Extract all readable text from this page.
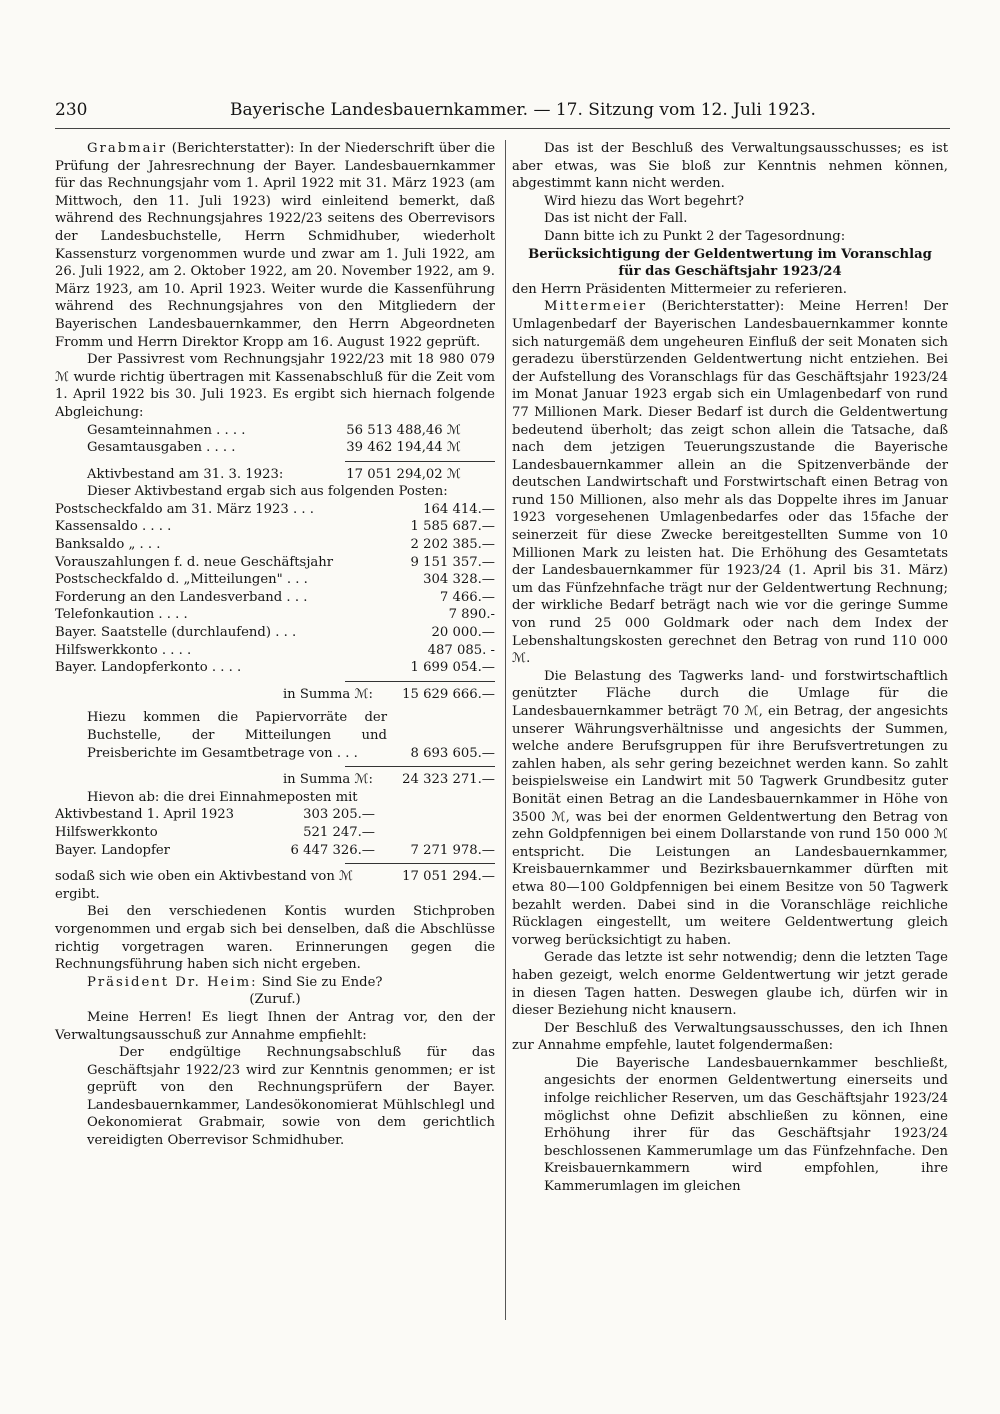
230	Bayerische Landesbauernkammer. — 17. Sitzung vom 12. Juli 1923.

Grabmair (Berichterstatter): In der Niederschrift über die Prüfung der Jahresrechnung der Bayer. Landesbauernkammer für das Rechnungsjahr vom 1. April 1922 mit 31. März 1923 (am Mittwoch, den 11. Juli 1923) wird einleitend bemerkt, daß während des Rechnungsjahres 1922/23 seitens des Oberrevisors der Landesbuchstelle, Herrn Schmidhuber, wiederholt Kassensturz vorgenommen wurde und zwar am 1. Juli 1922, am 26. Juli 1922, am 2. Oktober 1922, am 20. November 1922, am 9. März 1923, am 10. April 1923. Weiter wurde die Kassenführung während des Rechnungsjahres von den Mitgliedern der Bayerischen Landesbauernkammer, den Herrn Abgeordneten Fromm und Herrn Direktor Kropp am 16. August 1922 geprüft.

Der Passivrest vom Rechnungsjahr 1922/23 mit 18 980 079 ℳ wurde richtig übertragen mit Kassenabschluß für die Zeit vom 1. April 1922 bis 30. Juli 1923. Es ergibt sich hiernach folgende Abgleichung:

Gesamteinnahmen . . . .	56 513 488,46 ℳ
Gesamtausgaben . . . .	39 462 194,44 ℳ
Aktivbestand am 31. 3. 1923:	17 051 294,02 ℳ

Dieser Aktivbestand ergab sich aus folgenden Posten:

Postscheckfaldo am 31. März 1923 . . .	164 414.—
Kassensaldo . . . .	1 585 687.—
Banksaldo „ . . .	2 202 385.—
Vorauszahlungen f. d. neue Geschäftsjahr	9 151 357.—
Postscheckfaldo d. „Mitteilungen" . . .	304 328.—
Forderung an den Landesverband . . .	7 466.—
Telefonkaution . . . .	7 890.-
Bayer. Saatstelle (durchlaufend) . . .	20 000.—
Hilfswerkkonto . . . .	487 085. -
Bayer. Landopferkonto . . . .	1 699 054.—
in Summa ℳ:	15 629 666.—
Hiezu kommen die Papiervorräte der Buchstelle, der Mitteilungen und Preisberichte im Gesamtbetrage von . . .	8 693 605.—
in Summa ℳ:	24 323 271.—

Hievon ab: die drei Einnahmeposten mit

Aktivbestand 1. April 1923	303 205.—	
Hilfswerkkonto	521 247.—	
Bayer. Landopfer	6 447 326.—	7 271 978.—
sodaß sich wie oben ein Aktivbestand von ℳ	17 051 294.—

ergibt.

Bei den verschiedenen Kontis wurden Stichproben vorgenommen und ergab sich bei denselben, daß die Abschlüsse richtig vorgetragen waren. Erinnerungen gegen die Rechnungsführung haben sich nicht ergeben.

Präsident Dr. Heim: Sind Sie zu Ende?

(Zuruf.)

Meine Herren! Es liegt Ihnen der Antrag vor, den der Verwaltungsausschuß zur Annahme empfiehlt:

Der endgültige Rechnungsabschluß für das Geschäftsjahr 1922/23 wird zur Kenntnis genommen; er ist geprüft von den Rechnungsprüfern der Bayer. Landesbauernkammer, Landesökonomierat Mühlschlegl und Oekonomierat Grabmair, sowie von dem gerichtlich vereidigten Oberrevisor Schmidhuber.

Das ist der Beschluß des Verwaltungsausschusses; es ist aber etwas, was Sie bloß zur Kenntnis nehmen können, abgestimmt kann nicht werden.

Wird hiezu das Wort begehrt?

Das ist nicht der Fall.

Dann bitte ich zu Punkt 2 der Tagesordnung:

Berücksichtigung der Geldentwertung im Voranschlag

für das Geschäftsjahr 1923/24

den Herrn Präsidenten Mittermeier zu referieren.

Mittermeier (Berichterstatter): Meine Herren! Der Umlagenbedarf der Bayerischen Landesbauernkammer konnte sich naturgemäß dem ungeheuren Einfluß der seit Monaten sich geradezu überstürzenden Geldentwertung nicht entziehen. Bei der Aufstellung des Voranschlags für das Geschäftsjahr 1923/24 im Monat Januar 1923 ergab sich ein Umlagenbedarf von rund 77 Millionen Mark. Dieser Bedarf ist durch die Geldentwertung bedeutend überholt; das zeigt schon allein die Tatsache, daß nach dem jetzigen Teuerungszustande die Bayerische Landesbauernkammer allein an die Spitzenverbände der deutschen Landwirtschaft und Forstwirtschaft einen Betrag von rund 150 Millionen, also mehr als das Doppelte ihres im Januar 1923 vorgesehenen Umlagenbedarfes oder das 15fache der seinerzeit für diese Zwecke bereitgestellten Summe von 10 Millionen Mark zu leisten hat. Die Erhöhung des Gesamtetats der Landesbauernkammer für 1923/24 (1. April bis 31. März) um das Fünfzehnfache trägt nur der Geldentwertung Rechnung; der wirkliche Bedarf beträgt nach wie vor die geringe Summe von rund 25 000 Goldmark oder nach dem Index der Lebenshaltungskosten gerechnet den Betrag von rund 110 000 ℳ.

Die Belastung des Tagwerks land- und forstwirtschaftlich genützter Fläche durch die Umlage für die Landesbauernkammer beträgt 70 ℳ, ein Betrag, der angesichts unserer Währungsverhältnisse und angesichts der Summen, welche andere Berufsgruppen für ihre Berufsvertretungen zu zahlen haben, als sehr gering bezeichnet werden kann. So zahlt beispielsweise ein Landwirt mit 50 Tagwerk Grundbesitz guter Bonität einen Betrag an die Landesbauernkammer in Höhe von 3500 ℳ, was bei der enormen Geldentwertung den Betrag von zehn Goldpfennigen bei einem Dollarstande von rund 150 000 ℳ entspricht. Die Leistungen an Landesbauernkammer, Kreisbauernkammer und Bezirksbauernkammer dürften mit etwa 80—100 Goldpfennigen bei einem Besitze von 50 Tagwerk bezahlt werden. Dabei sind in die Voranschläge reichliche Rücklagen eingestellt, um weitere Geldentwertung gleich vorweg berücksichtigt zu haben.

Gerade das letzte ist sehr notwendig; denn die letzten Tage haben gezeigt, welch enorme Geldentwertung wir jetzt gerade in diesen Tagen hatten. Deswegen glaube ich, dürfen wir in dieser Beziehung nicht knausern.

Der Beschluß des Verwaltungsausschusses, den ich Ihnen zur Annahme empfehle, lautet folgendermaßen:

Die Bayerische Landesbauernkammer beschließt, angesichts der enormen Geldentwertung einerseits und infolge reichlicher Reserven, um das Geschäftsjahr 1923/24 möglichst ohne Defizit abschließen zu können, eine Erhöhung ihrer für das Geschäftsjahr 1923/24 beschlossenen Kammerumlage um das Fünfzehnfache. Den Kreisbauernkammern wird empfohlen, ihre Kammerumlagen im gleichen
